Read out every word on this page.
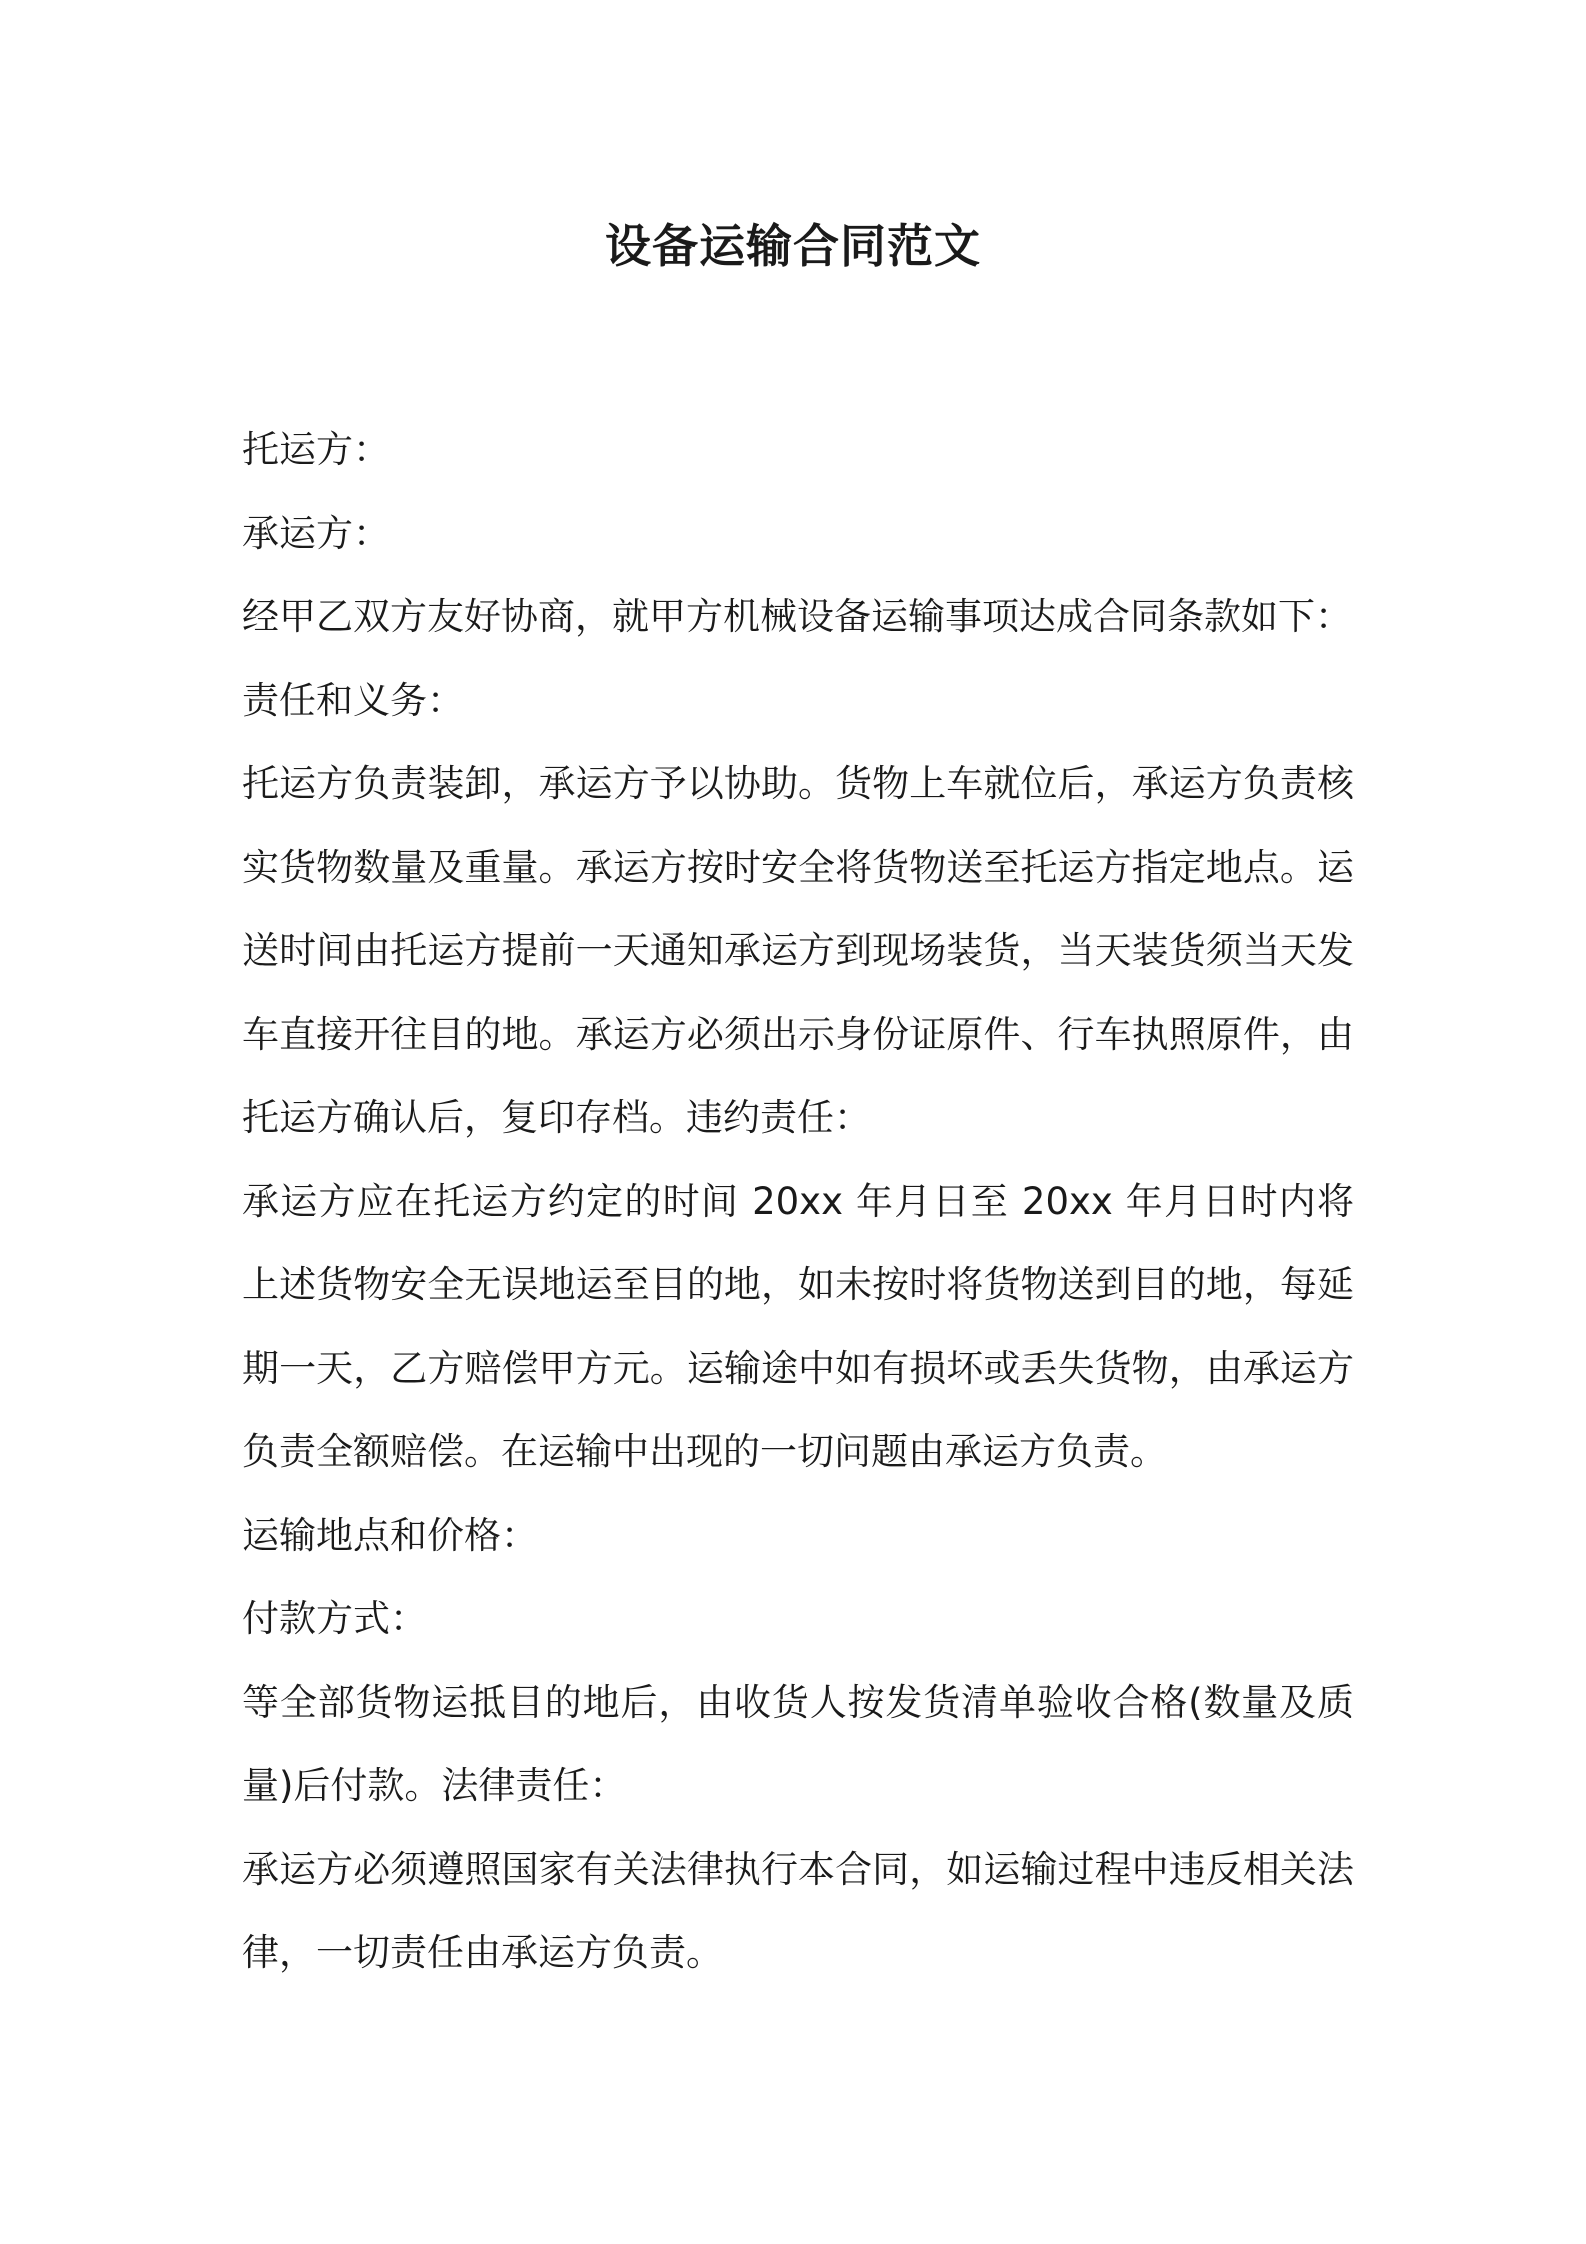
设备运输合同范文
托运方：
承运方：
经甲乙双方友好协商，就甲方机械设备运输事项达成合同条款如下：
责任和义务：
托运方负责装卸，承运方予以协助。货物上车就位后，承运方负责核实货物数量及重量。承运方按时安全将货物送至托运方指定地点。运送时间由托运方提前一天通知承运方到现场装货，当天装货须当天发车直接开往目的地。承运方必须出示身份证原件、行车执照原件，由托运方确认后，复印存档。违约责任：
承运方应在托运方约定的时间 20xx 年月日至 20xx 年月日时内将上述货物安全无误地运至目的地，如未按时将货物送到目的地，每延期一天，乙方赔偿甲方元。运输途中如有损坏或丢失货物，由承运方负责全额赔偿。在运输中出现的一切问题由承运方负责。
运输地点和价格：
付款方式：
等全部货物运抵目的地后，由收货人按发货清单验收合格(数量及质量)后付款。法律责任：
承运方必须遵照国家有关法律执行本合同，如运输过程中违反相关法律，一切责任由承运方负责。
